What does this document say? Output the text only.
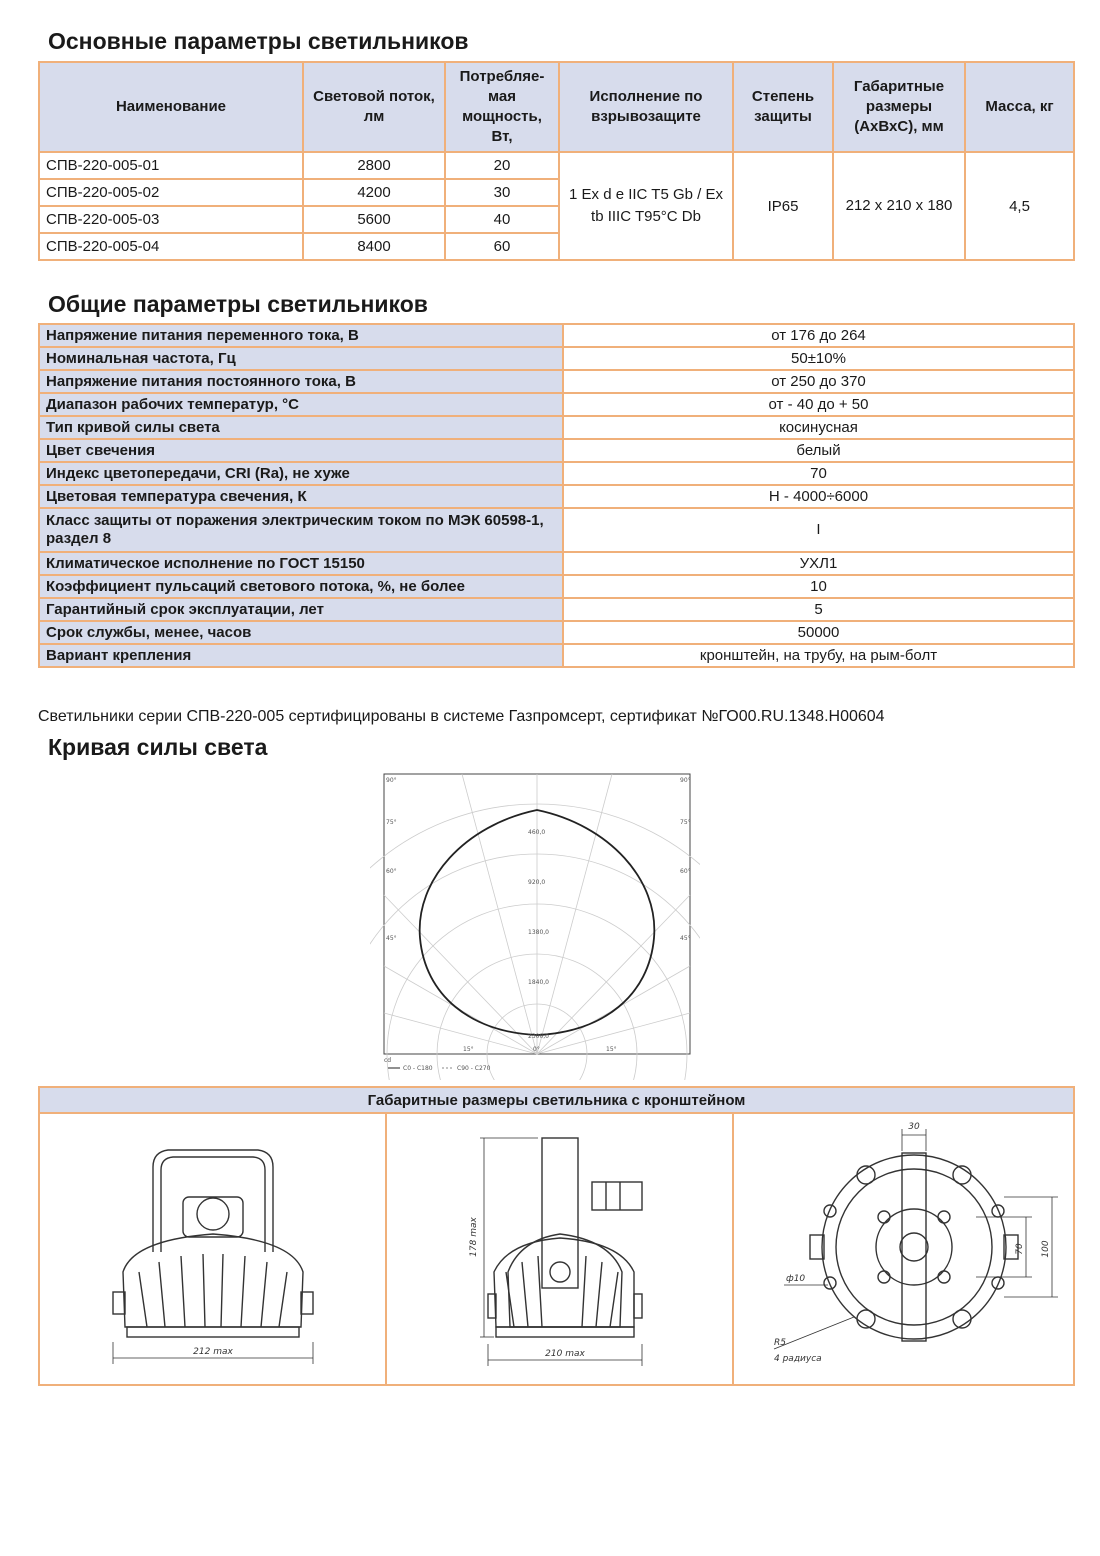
Основные параметры светильников
Наименование	Световой поток, лм	Потребляе-мая мощность, Вт,	Исполнение по взрывозащите	Степень защиты	Габаритные размеры (АхВхС), мм	Масса, кг
СПВ-220-005-01	2800	20	1 Ex d e IIC T5 Gb / Ex tb IIIC T95°C Db	IP65	212 х 210 х 180	4,5
СПВ-220-005-02	4200	30				
СПВ-220-005-03	5600	40				
СПВ-220-005-04	8400	60				
Общие параметры светильников
Напряжение питания переменного тока, В	от 176 до 264
Номинальная частота, Гц	50±10%
Напряжение питания постоянного тока, В	от 250 до 370
Диапазон рабочих температур, °С	от - 40 до + 50
Тип кривой силы света	косинусная
Цвет свечения	белый
Индекс цветопередачи, CRI (Ra), не хуже	70
Цветовая температура свечения, К	Н - 4000÷6000
Класс защиты от поражения электрическим током по МЭК 60598-1, раздел 8	I
Климатическое исполнение по ГОСТ 15150	УХЛ1
Коэффициент пульсаций светового потока, %, не более	10
Гарантийный срок эксплуатации, лет	5
Срок службы, менее, часов	50000
Вариант крепления	кронштейн, на трубу, на рым-болт

Светильники серии СПВ-220-005 сертифицированы в системе Газпромсерт, сертификат №ГО00.RU.1348.H00604

Кривая силы света
460,0
920,0
1380,0
1840,0
2300,0
90°	90°
75°	75°
60°	60°
45°	45°
15°	0°	15°
cd
C0 - C180	C90 - C270
Габаритные размеры светильника с кронштейном

212 max

178 max
210 max

30
70 100
ф10
R5
4 радиуса
